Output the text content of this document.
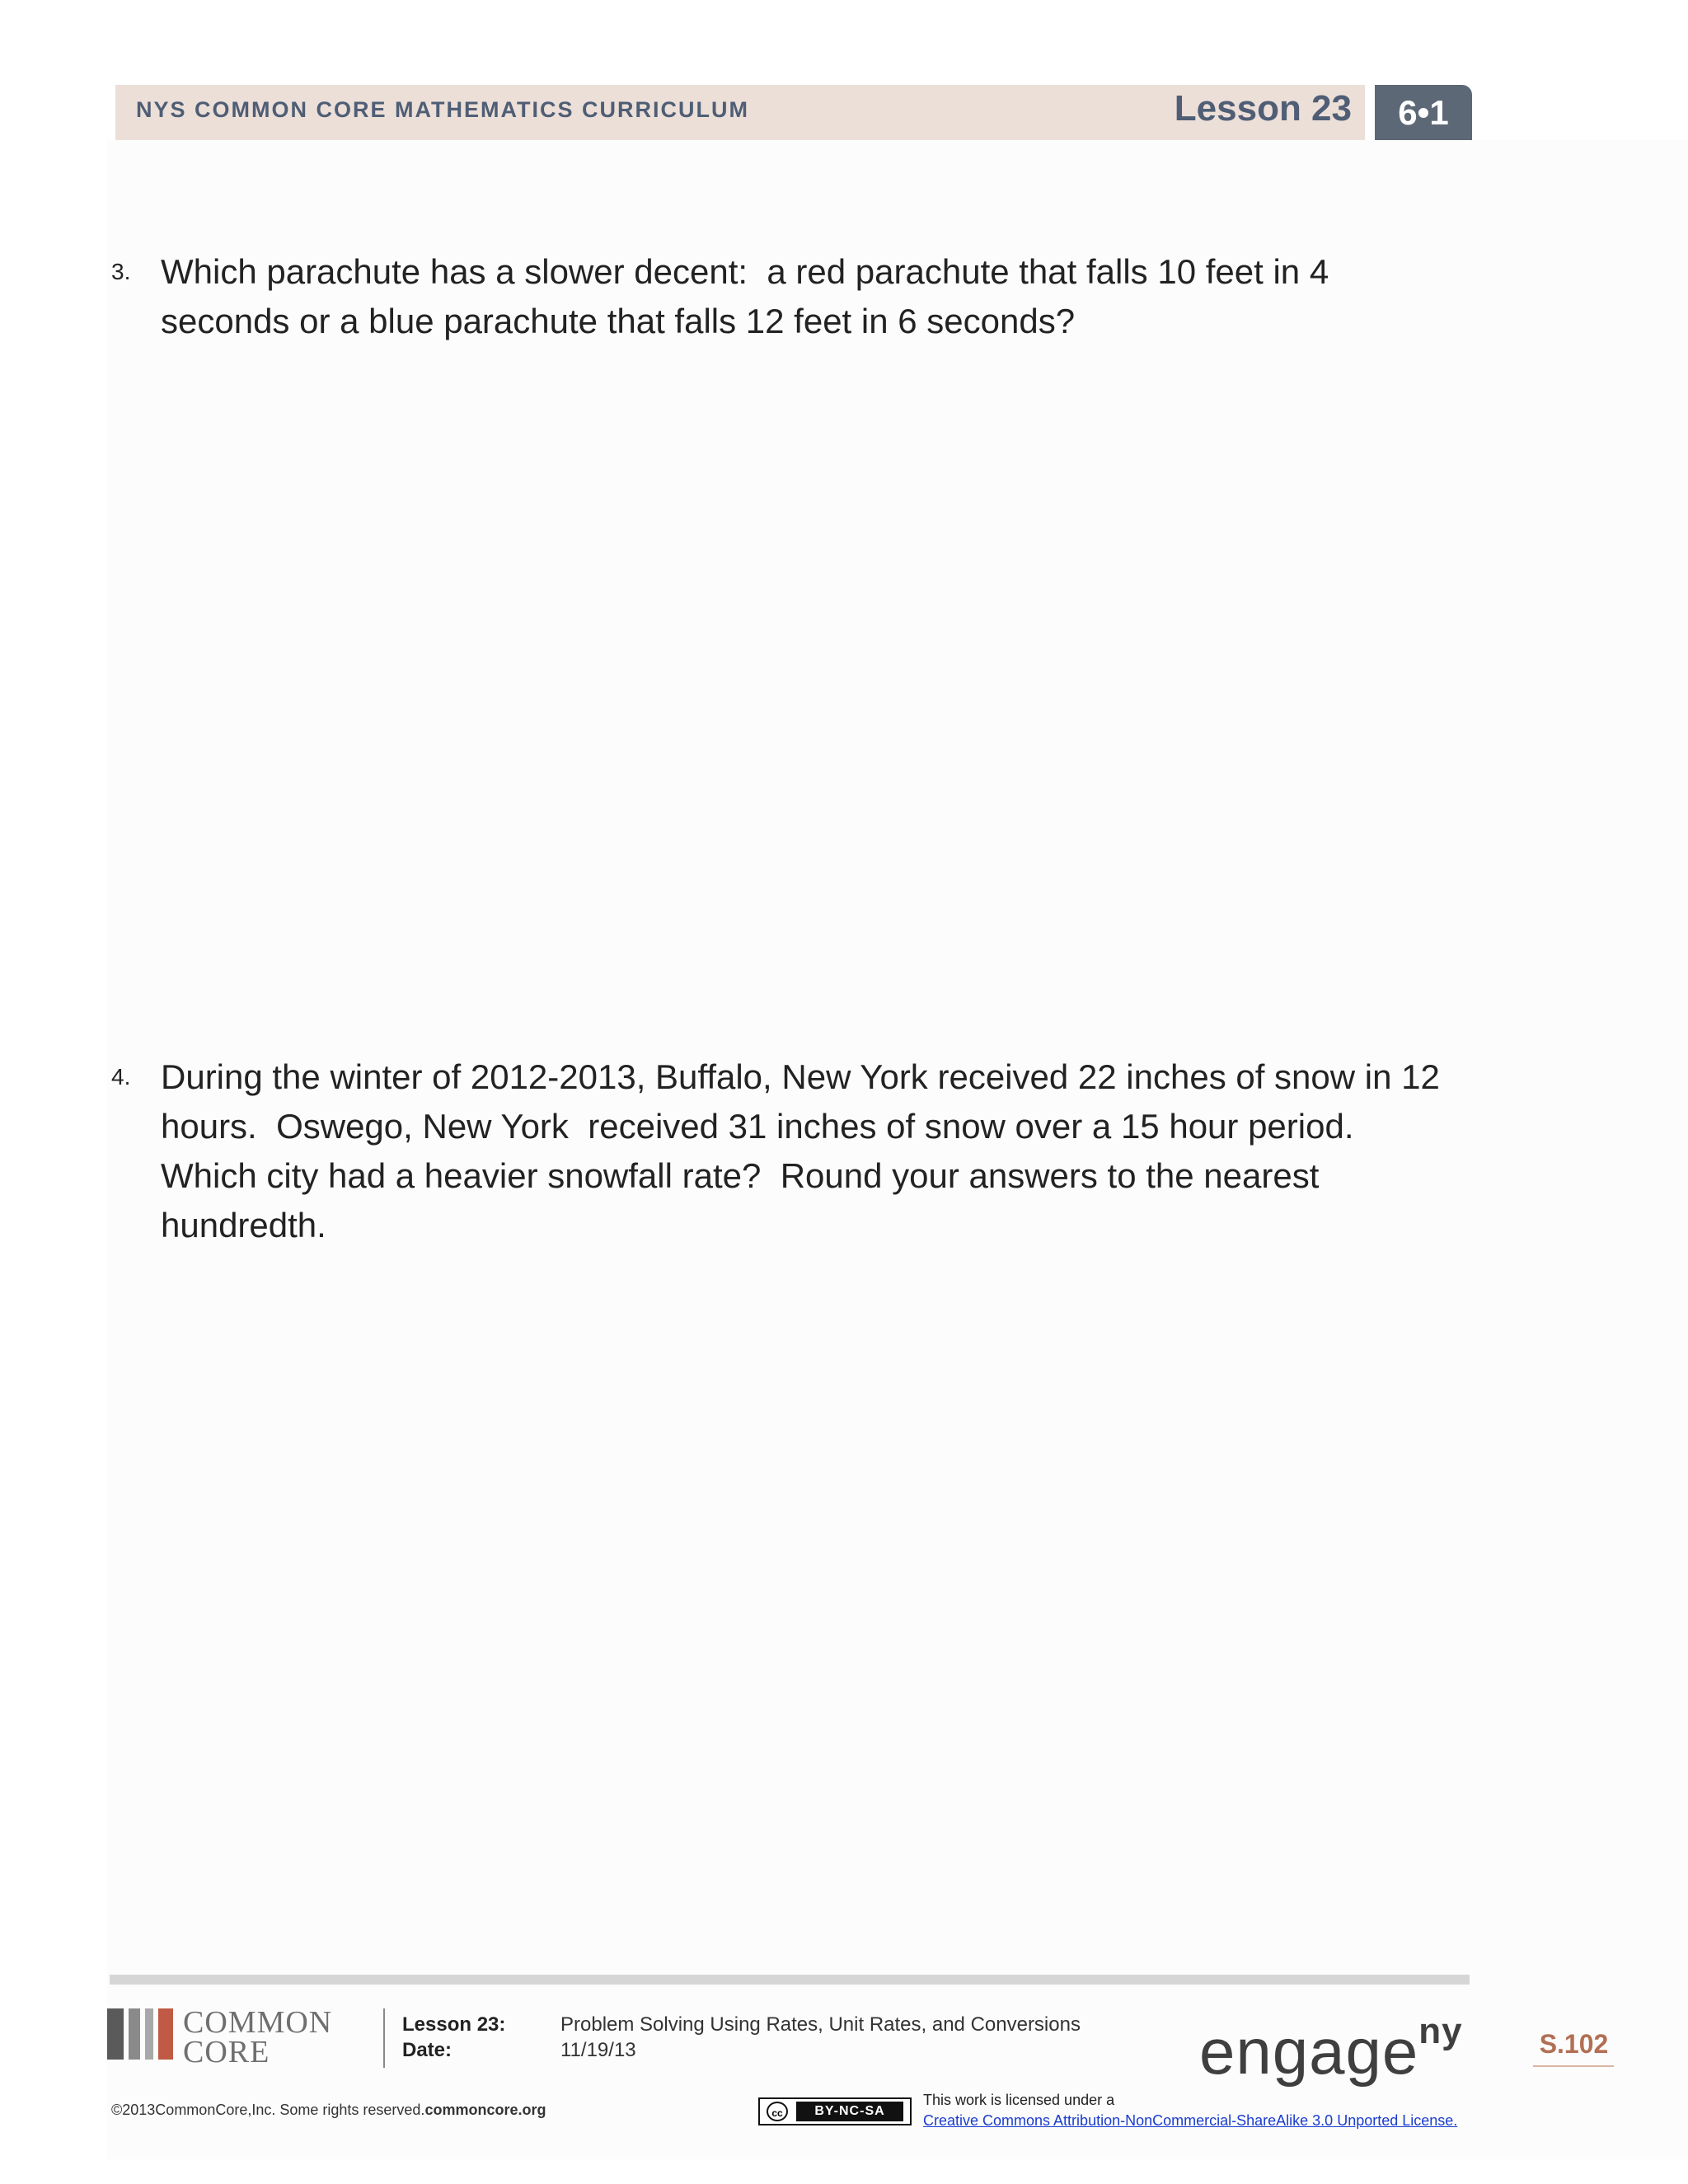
NYS COMMON CORE MATHEMATICS CURRICULUM	Lesson 23	6•1
3. Which parachute has a slower decent:  a red parachute that falls 10 feet in 4 seconds or a blue parachute that falls 12 feet in 6 seconds?
4. During the winter of 2012-2013, Buffalo, New York received 22 inches of snow in 12 hours.  Oswego, New York  received 31 inches of snow over a 15 hour period.  Which city had a heavier snowfall rate?  Round your answers to the nearest hundredth.
COMMON
CORE
Lesson 23:	Problem Solving Using Rates, Unit Rates, and Conversions
Date:	11/19/13	engage$^{ny}$	S.102
©2013CommonCore,Inc. Some rights reserved.commoncore.org	cc	BY-NC-SA
This work is licensed under a
Creative Commons Attribution-NonCommercial-ShareAlike 3.0 Unported License.
